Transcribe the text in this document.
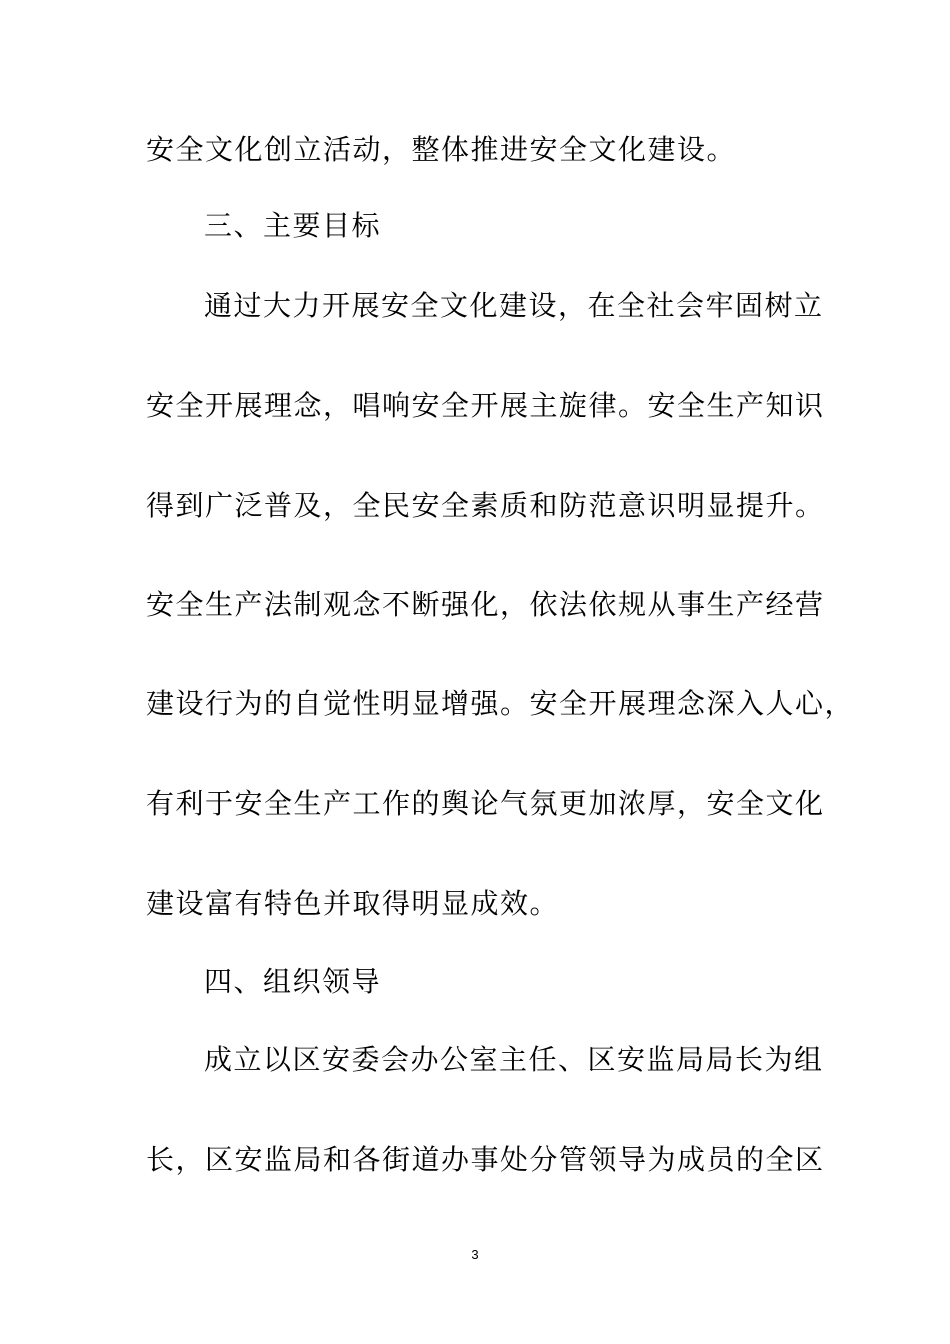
安全文化创立活动，整体推进安全文化建设。
三、主要目标
通过大力开展安全文化建设，在全社会牢固树立
安全开展理念，唱响安全开展主旋律。安全生产知识
得到广泛普及，全民安全素质和防范意识明显提升。
安全生产法制观念不断强化，依法依规从事生产经营
建设行为的自觉性明显增强。安全开展理念深入人心，
有利于安全生产工作的舆论气氛更加浓厚，安全文化
建设富有特色并取得明显成效。
四、组织领导
成立以区安委会办公室主任、区安监局局长为组
长，区安监局和各街道办事处分管领导为成员的全区
3
